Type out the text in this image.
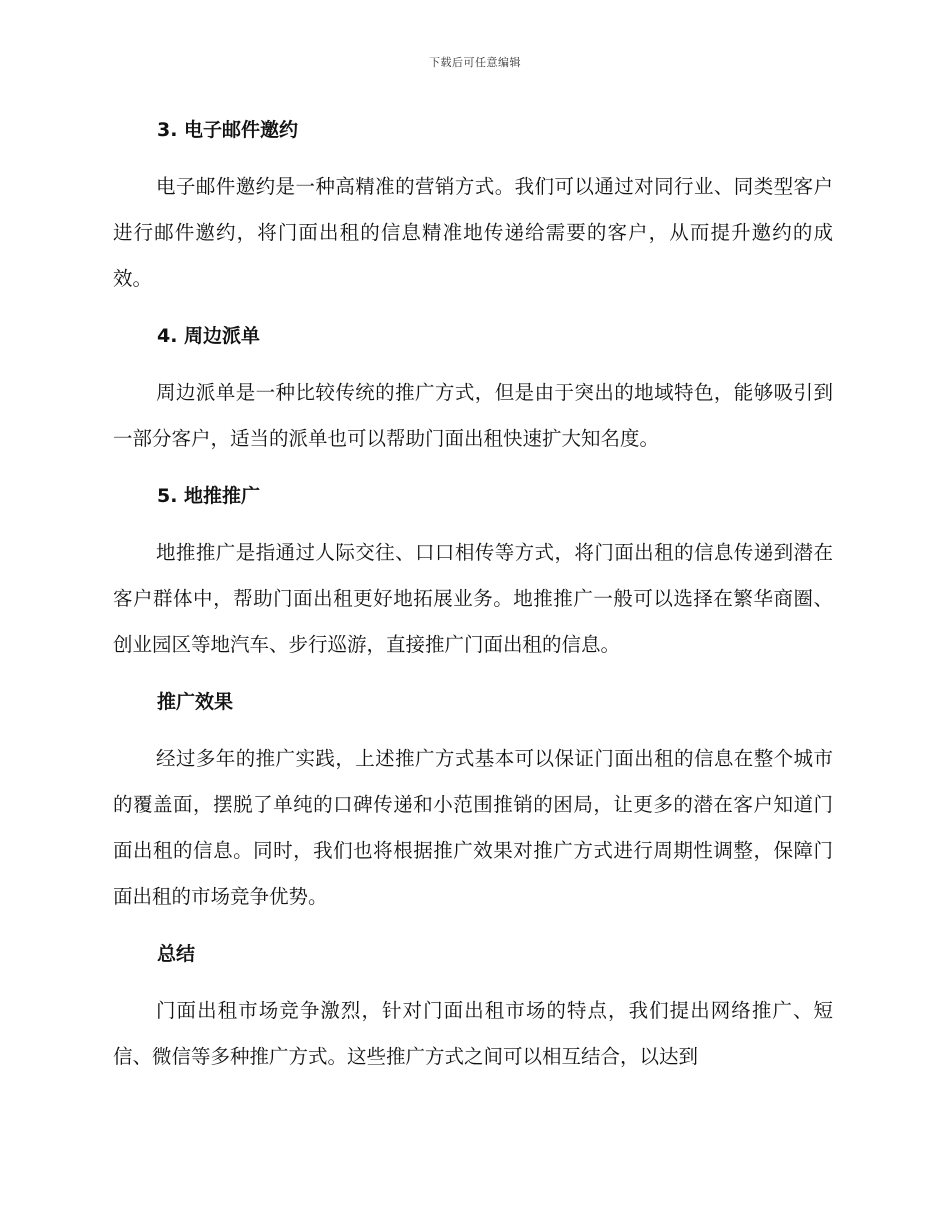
下载后可任意编辑
3. 电子邮件邀约

电子邮件邀约是一种高精准的营销方式。我们可以通过对同行业、同类型客户进行邮件邀约，将门面出租的信息精准地传递给需要的客户，从而提升邀约的成效。

4. 周边派单

周边派单是一种比较传统的推广方式，但是由于突出的地域特色，能够吸引到一部分客户，适当的派单也可以帮助门面出租快速扩大知名度。

5. 地推推广

地推推广是指通过人际交往、口口相传等方式，将门面出租的信息传递到潜在客户群体中，帮助门面出租更好地拓展业务。地推推广一般可以选择在繁华商圈、创业园区等地汽车、步行巡游，直接推广门面出租的信息。

推广效果

经过多年的推广实践，上述推广方式基本可以保证门面出租的信息在整个城市的覆盖面，摆脱了单纯的口碑传递和小范围推销的困局，让更多的潜在客户知道门面出租的信息。同时，我们也将根据推广效果对推广方式进行周期性调整，保障门面出租的市场竞争优势。

总结

门面出租市场竞争激烈，针对门面出租市场的特点，我们提出网络推广、短信、微信等多种推广方式。这些推广方式之间可以相互结合，以达到
